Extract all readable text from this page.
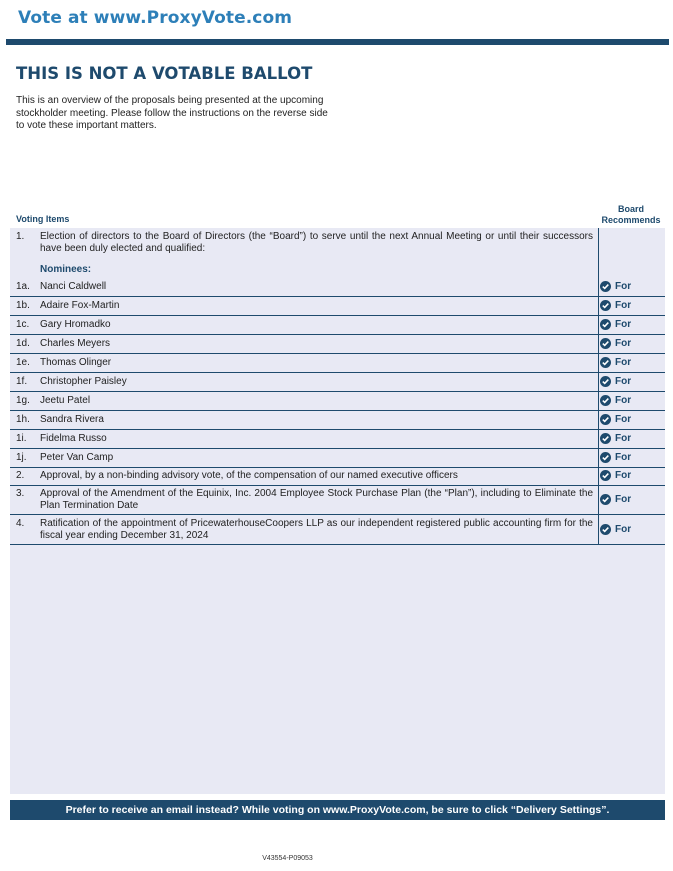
Vote at www.ProxyVote.com
THIS IS NOT A VOTABLE BALLOT
This is an overview of the proposals being presented at the upcoming stockholder meeting. Please follow the instructions on the reverse side to vote these important matters.
Voting Items
Board
Recommends
1. Election of directors to the Board of Directors (the “Board”) to serve until the next Annual Meeting or until their successors have been duly elected and qualified:
Nominees:
1a. Nanci Caldwell	For
1b. Adaire Fox-Martin	For
1c. Gary Hromadko	For
1d. Charles Meyers	For
1e. Thomas Olinger	For
1f. Christopher Paisley	For
1g. Jeetu Patel	For
1h. Sandra Rivera	For
1i. Fidelma Russo	For
1j. Peter Van Camp	For
2. Approval, by a non-binding advisory vote, of the compensation of our named executive officers	For
3. Approval of the Amendment of the Equinix, Inc. 2004 Employee Stock Purchase Plan (the “Plan”), including to Eliminate the Plan Termination Date	For
4. Ratification of the appointment of PricewaterhouseCoopers LLP as our independent registered public accounting firm for the fiscal year ending December 31, 2024	For
Prefer to receive an email instead? While voting on www.ProxyVote.com, be sure to click “Delivery Settings”.
V43554-P09053
